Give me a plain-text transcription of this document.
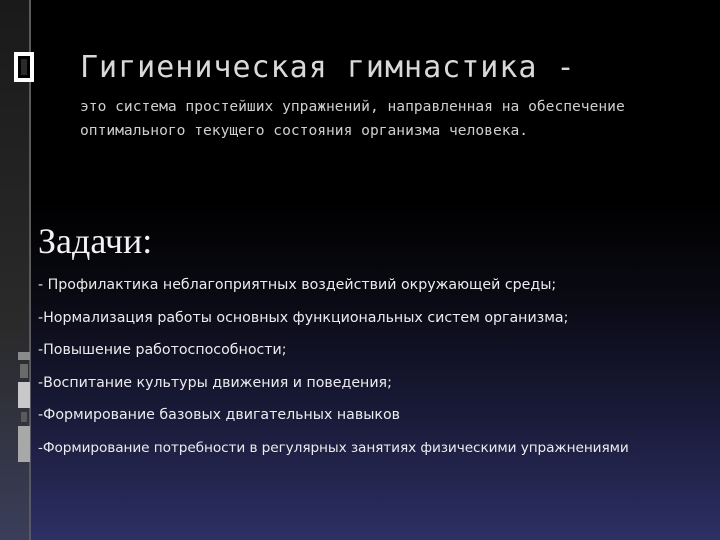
Гигиеническая гимнастика -
это система простейших упражнений, направленная на обеспечение оптимального текущего состояния организма человека.
Задачи:
- Профилактика неблагоприятных воздействий окружающей среды;
-Нормализация работы основных функциональных систем организма;
-Повышение работоспособности;
-Воспитание культуры движения и поведения;
-Формирование базовых двигательных навыков
-Формирование потребности в регулярных занятиях физическими упражнениями
